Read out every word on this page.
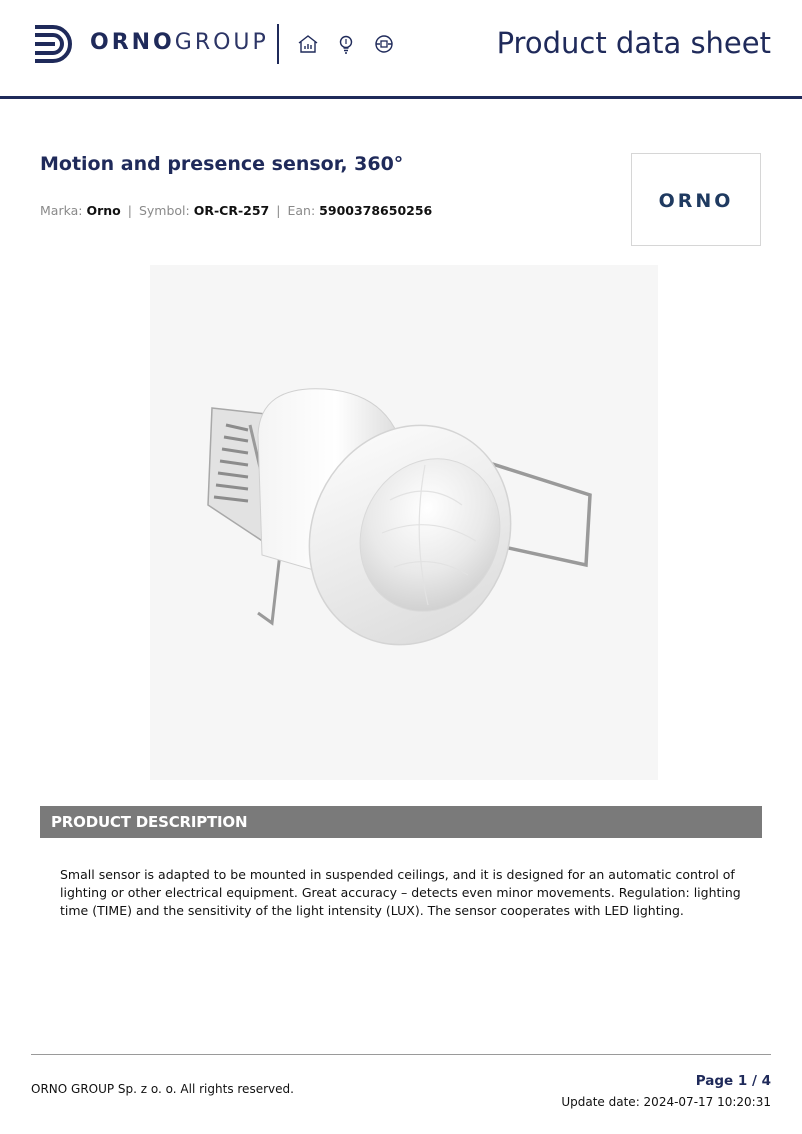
ORNOGROUP	Product data sheet
Motion and presence sensor, 360°
Marka: Orno | Symbol: OR-CR-257 | Ean: 5900378650256	ORNO
PRODUCT DESCRIPTION
Small sensor is adapted to be mounted in suspended ceilings, and it is designed for an automatic control of lighting or other electrical equipment. Great accuracy – detects even minor movements. Regulation: lighting time (TIME) and the sensitivity of the light intensity (LUX). The sensor cooperates with LED lighting.
ORNO GROUP Sp. z o. o. All rights reserved.	Page 1 / 4
Update date: 2024-07-17 10:20:31
